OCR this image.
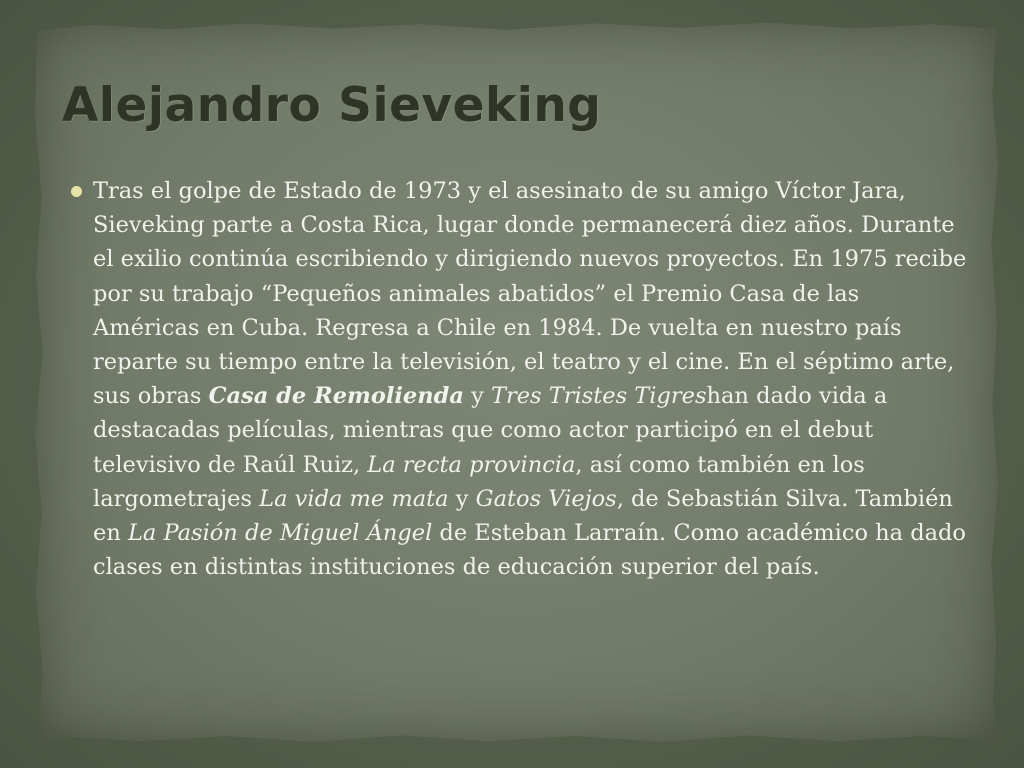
Alejandro Sieveking

Tras el golpe de Estado de 1973 y el asesinato de su amigo Víctor Jara, Sieveking parte a Costa Rica, lugar donde permanecerá diez años. Durante el exilio continúa escribiendo y dirigiendo nuevos proyectos. En 1975 recibe por su trabajo “Pequeños animales abatidos” el Premio Casa de las Américas en Cuba. Regresa a Chile en 1984. De vuelta en nuestro país reparte su tiempo entre la televisión, el teatro y el cine. En el séptimo arte, sus obras Casa de Remolienda y Tres Tristes Tigreshan dado vida a destacadas películas, mientras que como actor participó en el debut televisivo de Raúl Ruiz, La recta provincia, así como también en los largometrajes La vida me mata y Gatos Viejos, de Sebastián Silva. También en La Pasión de Miguel Ángel de Esteban Larraín. Como académico ha dado clases en distintas instituciones de educación superior del país.
